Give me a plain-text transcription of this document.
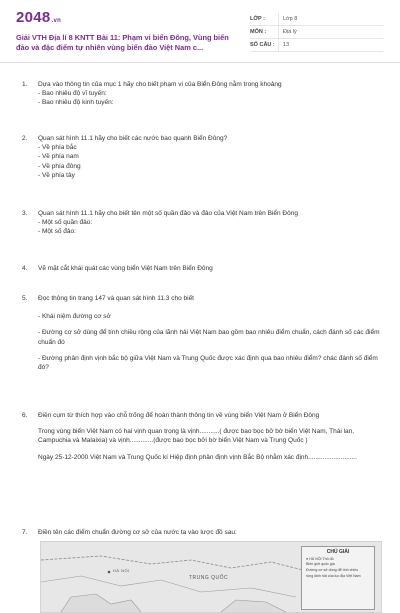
2048.vn
Giải VTH Địa lí 8 KNTT Bài 11: Phạm vi biển Đông, Vùng biển đảo và đặc điểm tự nhiên vùng biển đảo Việt Nam c...
LỚP :	Lớp 8
MÔN :	Địa lý
SỐ CÂU :	13
1.	Dựa vào thông tin của mục 1 hãy cho biết phạm vi của Biển Đông nằm trong khoảng

- Bao nhiêu độ vĩ tuyến:

- Bao nhiêu độ kinh tuyến:

2.	Quan sát hình 11.1 hãy cho biết các nước bao quanh Biển Đông?

- Về phía bắc

- Về phía nam

- Về phía đông

- Về phía tây

3.	Quan sát hình 11.1 hãy cho biết tên một số quần đảo và đảo của Việt Nam trên Biển Đông

- Một số quần đảo:

- Một số đảo:

4.	Vẽ mặt cắt khái quát các vùng biển Việt Nam trên Biển Đông

5.	Đọc thông tin trang 147 và quan sát hình 11.3 cho biết

- Khái niệm đường cơ sở

- Đường cơ sở dùng để tính chiều rộng của lãnh hải Việt Nam bao gồm bao nhiêu điểm chuẩn, cách đánh số các điểm chuẩn đó

- Đường phân định vịnh bắc bộ giữa Việt Nam và Trung Quốc được xác định qua bao nhiêu điểm? chác đánh số điểm đó?

6.	Điền cụm từ thích hợp vào chỗ trống để hoàn thành thông tin về vùng biển Việt Nam ở Biển Đông

Trong vùng biển Việt Nam có hai vịnh quan trọng là vịnh...........( được bao bọc bở bờ biển Việt Nam, Thái lan, Campuchia và Malaixia) và vịnh.............(được bao bọc bởi bờ biển Việt Nam và Trung Quốc )

Ngày 25-12-2000 Việt Nam và Trung Quốc kí Hiệp định phân định vịnh Bắc Bộ nhằm xác định...........................

7.	Điền tên các điểm chuẩn đường cơ sở của nước ta vào lược đồ sau:

TRUNG QUỐC
HÀ NỘI
CHÚ GIẢI
● HÀ NỘI Thủ đô
Biên giới quốc gia
Đường cơ sở dùng để tính chiều
rộng lãnh hải của lục địa Việt Nam
